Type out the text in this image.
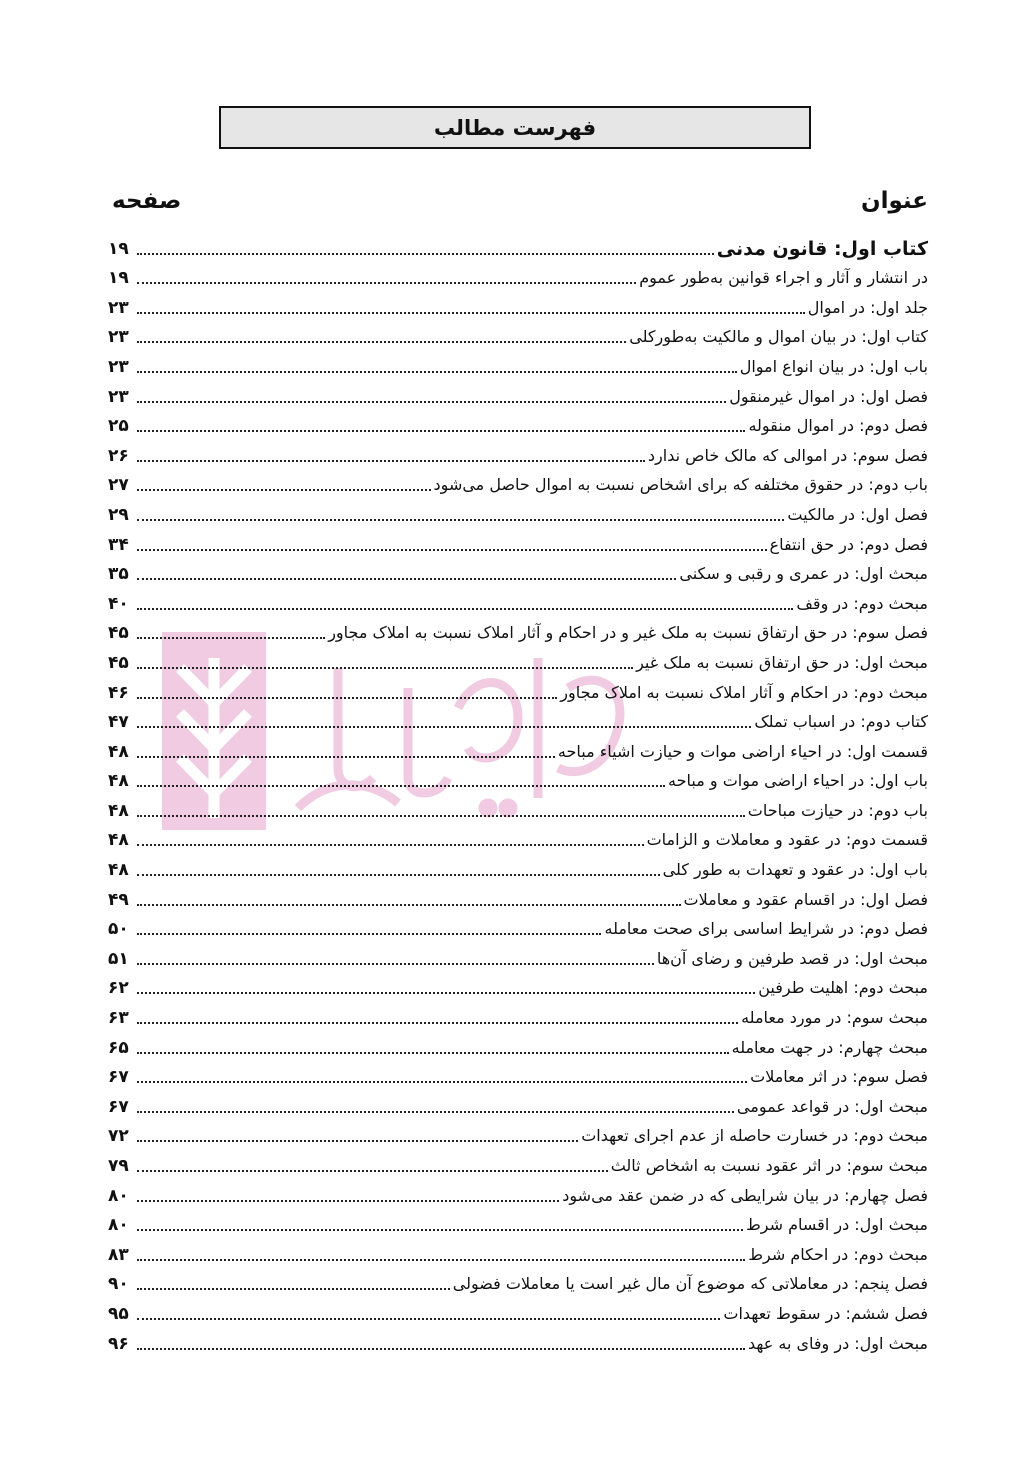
فهرست مطالب
عنوان
صفحه
کتاب اول: قانون مدنی
۱۹
در انتشار و آثار و اجراء قوانین به‌طور عموم
۱۹
جلد اول: در اموال
۲۳
کتاب اول: در بیان اموال و مالکیت به‌طورکلی
۲۳
باب اول: در بیان انواع اموال
۲۳
فصل اول: در اموال غیرمنقول
۲۳
فصل دوم: در اموال منقوله
۲۵
فصل سوم: در اموالی که مالک خاص ندارد
۲۶
باب دوم: در حقوق مختلفه که برای اشخاص نسبت به اموال حاصل می‌شود
۲۷
فصل اول: در مالکیت
۲۹
فصل دوم: در حق انتفاع
۳۴
مبحث اول: در عمری و رقبی و سکنی
۳۵
مبحث دوم: در وقف
۴۰
فصل سوم: در حق ارتفاق نسبت به ملک غیر و در احکام و آثار املاک نسبت به املاک مجاور
۴۵
مبحث اول: در حق ارتفاق نسبت به ملک غیر
۴۵
مبحث دوم: در احکام و آثار املاک نسبت به املاک مجاور
۴۶
کتاب دوم: در اسباب تملک
۴۷
قسمت اول: در احیاء اراضی موات و حیازت اشیاء مباحه
۴۸
باب اول: در احیاء اراضی موات و مباحه
۴۸
باب دوم: در حیازت مباحات
۴۸
قسمت دوم: در عقود و معاملات و الزامات
۴۸
باب اول: در عقود و تعهدات به طور کلی
۴۸
فصل اول: در اقسام عقود و معاملات
۴۹
فصل دوم: در شرایط اساسی برای صحت معامله
۵۰
مبحث اول: در قصد طرفین و رضای آن‌ها
۵۱
مبحث دوم: اهلیت طرفین
۶۲
مبحث سوم: در مورد معامله
۶۳
مبحث چهارم: در جهت معامله
۶۵
فصل سوم: در اثر معاملات
۶۷
مبحث اول: در قواعد عمومی
۶۷
مبحث دوم: در خسارت حاصله از عدم اجرای تعهدات
۷۲
مبحث سوم: در اثر عقود نسبت به اشخاص ثالث
۷۹
فصل چهارم: در بیان شرایطی که در ضمن عقد می‌شود
۸۰
مبحث اول: در اقسام شرط
۸۰
مبحث دوم: در احکام شرط
۸۳
فصل پنجم: در معاملاتی که موضوع آن مال غیر است یا معاملات فضولی
۹۰
فصل ششم: در سقوط تعهدات
۹۵
مبحث اول: در وفای به عهد
۹۶
